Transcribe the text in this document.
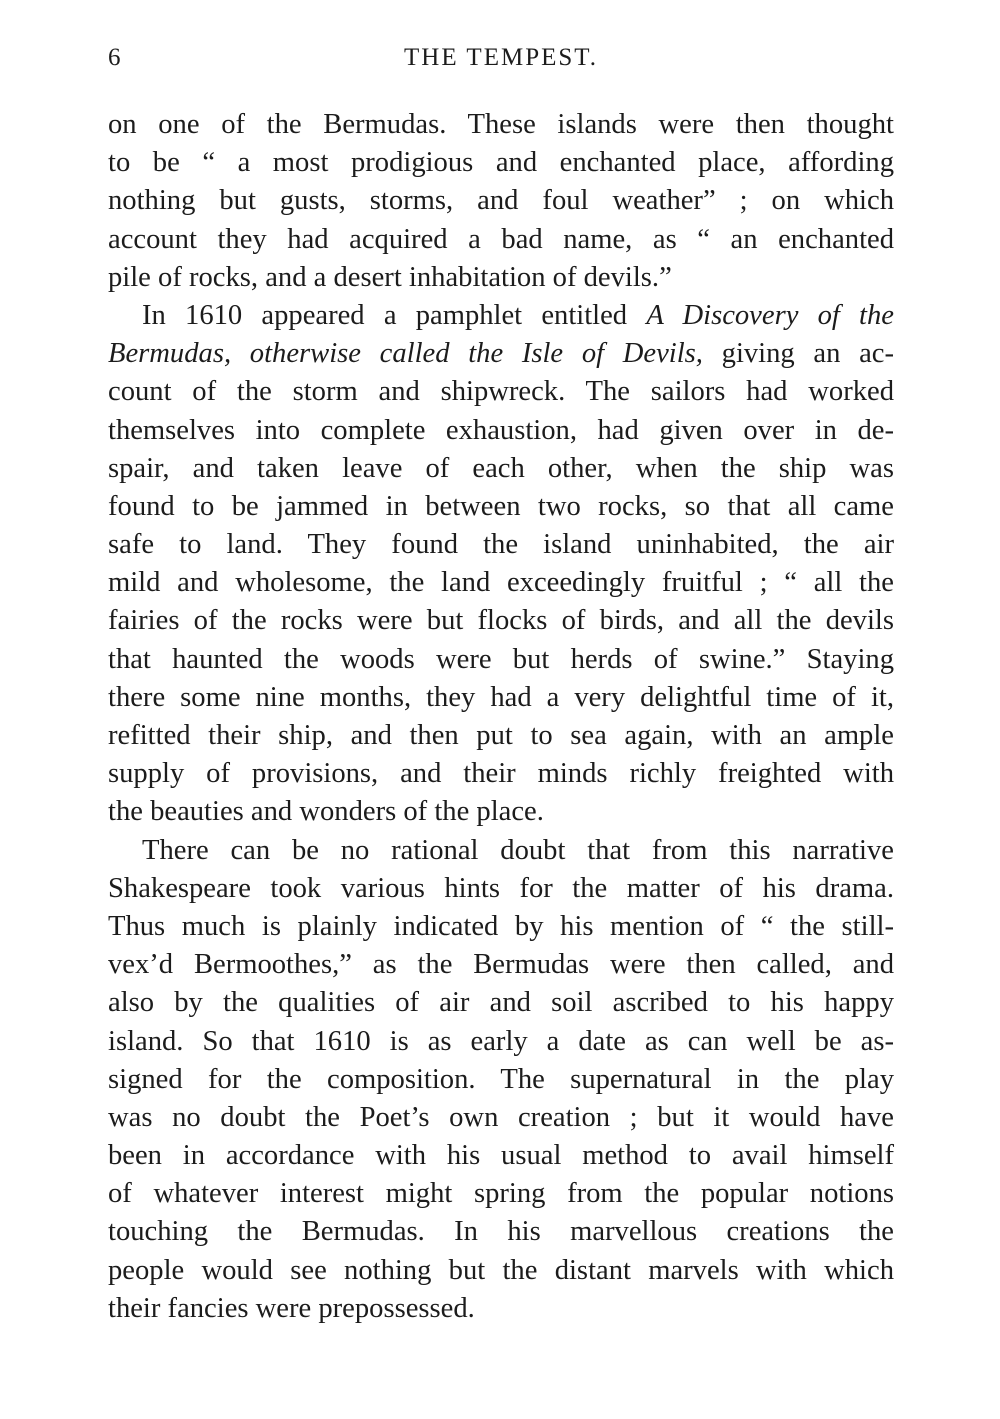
6	THE TEMPEST.
on one of the Bermudas. These islands were then thought
to be “ a most prodigious and enchanted place, affording
nothing but gusts, storms, and foul weather” ; on which
account they had acquired a bad name, as “ an enchanted
pile of rocks, and a desert inhabitation of devils.”
In 1610 appeared a pamphlet entitled A Discovery of the
Bermudas, otherwise called the Isle of Devils, giving an ac-
count of the storm and shipwreck. The sailors had worked
themselves into complete exhaustion, had given over in de-
spair, and taken leave of each other, when the ship was
found to be jammed in between two rocks, so that all came
safe to land. They found the island uninhabited, the air
mild and wholesome, the land exceedingly fruitful ; “ all the
fairies of the rocks were but flocks of birds, and all the devils
that haunted the woods were but herds of swine.” Staying
there some nine months, they had a very delightful time of it,
refitted their ship, and then put to sea again, with an ample
supply of provisions, and their minds richly freighted with
the beauties and wonders of the place.
There can be no rational doubt that from this narrative
Shakespeare took various hints for the matter of his drama.
Thus much is plainly indicated by his mention of “ the still-
vex’d Bermoothes,” as the Bermudas were then called, and
also by the qualities of air and soil ascribed to his happy
island. So that 1610 is as early a date as can well be as-
signed for the composition. The supernatural in the play
was no doubt the Poet’s own creation ; but it would have
been in accordance with his usual method to avail himself
of whatever interest might spring from the popular notions
touching the Bermudas. In his marvellous creations the
people would see nothing but the distant marvels with which
their fancies were prepossessed.
